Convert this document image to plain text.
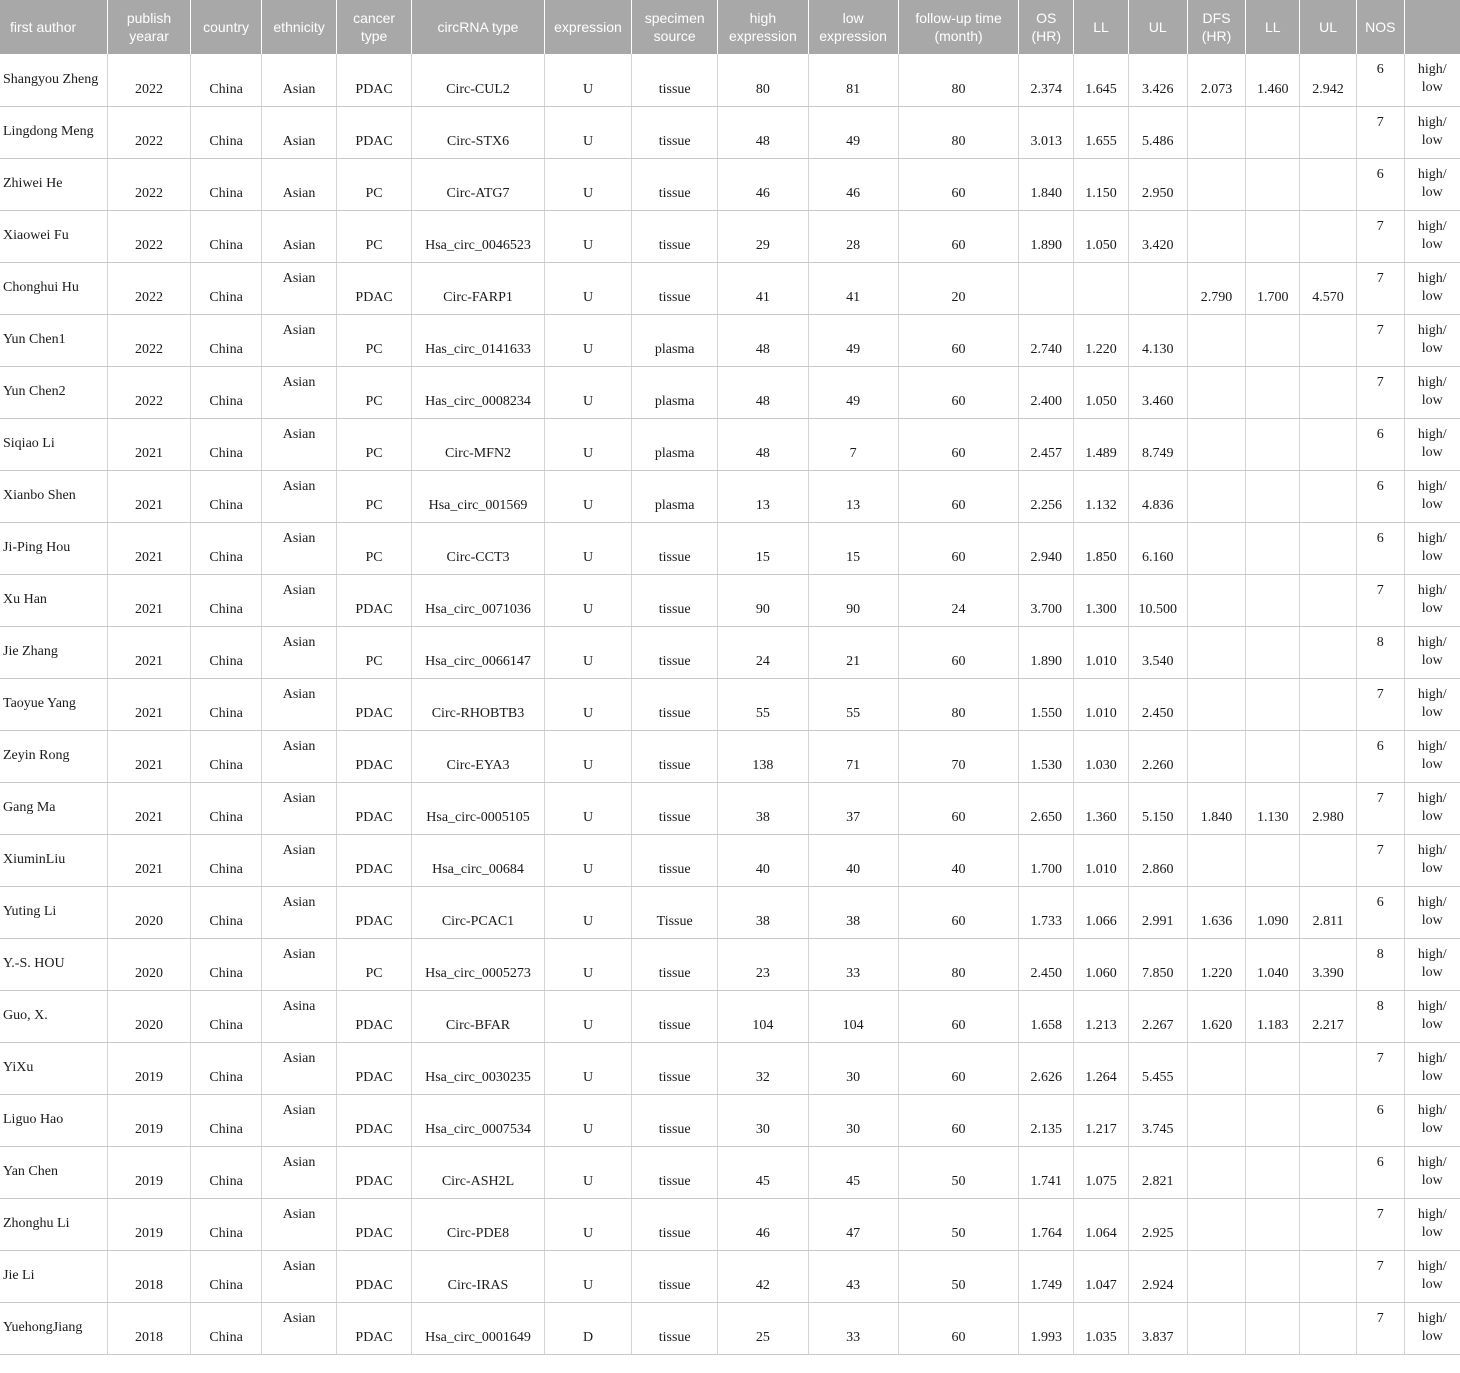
first author	publish yearar	country	ethnicity	cancer type	circRNA type	expression	specimen source	high expression	low expression	follow-up time (month)	OS (HR)	LL	UL	DFS (HR)	LL	UL	NOS	
Shangyou Zheng	2022	China	Asian	PDAC	Circ-CUL2	U	tissue	80	81	80	2.374	1.645	3.426	2.073	1.460	2.942	6	high/ low
Lingdong Meng	2022	China	Asian	PDAC	Circ-STX6	U	tissue	48	49	80	3.013	1.655	5.486				7	high/ low
Zhiwei He	2022	China	Asian	PC	Circ-ATG7	U	tissue	46	46	60	1.840	1.150	2.950				6	high/ low
Xiaowei Fu	2022	China	Asian	PC	Hsa_circ_0046523	U	tissue	29	28	60	1.890	1.050	3.420				7	high/ low
Chonghui Hu	2022	China	Asian	PDAC	Circ-FARP1	U	tissue	41	41	20				2.790	1.700	4.570	7	high/ low
Yun Chen1	2022	China	Asian	PC	Has_circ_0141633	U	plasma	48	49	60	2.740	1.220	4.130				7	high/ low
Yun Chen2	2022	China	Asian	PC	Has_circ_0008234	U	plasma	48	49	60	2.400	1.050	3.460				7	high/ low
Siqiao Li	2021	China	Asian	PC	Circ-MFN2	U	plasma	48	7	60	2.457	1.489	8.749				6	high/ low
Xianbo Shen	2021	China	Asian	PC	Hsa_circ_001569	U	plasma	13	13	60	2.256	1.132	4.836				6	high/ low
Ji-Ping Hou	2021	China	Asian	PC	Circ-CCT3	U	tissue	15	15	60	2.940	1.850	6.160				6	high/ low
Xu Han	2021	China	Asian	PDAC	Hsa_circ_0071036	U	tissue	90	90	24	3.700	1.300	10.500				7	high/ low
Jie Zhang	2021	China	Asian	PC	Hsa_circ_0066147	U	tissue	24	21	60	1.890	1.010	3.540				8	high/ low
Taoyue Yang	2021	China	Asian	PDAC	Circ-RHOBTB3	U	tissue	55	55	80	1.550	1.010	2.450				7	high/ low
Zeyin Rong	2021	China	Asian	PDAC	Circ-EYA3	U	tissue	138	71	70	1.530	1.030	2.260				6	high/ low
Gang Ma	2021	China	Asian	PDAC	Hsa_circ-0005105	U	tissue	38	37	60	2.650	1.360	5.150	1.840	1.130	2.980	7	high/ low
XiuminLiu	2021	China	Asian	PDAC	Hsa_circ_00684	U	tissue	40	40	40	1.700	1.010	2.860				7	high/ low
Yuting Li	2020	China	Asian	PDAC	Circ-PCAC1	U	Tissue	38	38	60	1.733	1.066	2.991	1.636	1.090	2.811	6	high/ low
Y.-S. HOU	2020	China	Asian	PC	Hsa_circ_0005273	U	tissue	23	33	80	2.450	1.060	7.850	1.220	1.040	3.390	8	high/ low
Guo, X.	2020	China	Asina	PDAC	Circ-BFAR	U	tissue	104	104	60	1.658	1.213	2.267	1.620	1.183	2.217	8	high/ low
YiXu	2019	China	Asian	PDAC	Hsa_circ_0030235	U	tissue	32	30	60	2.626	1.264	5.455				7	high/ low
Liguo Hao	2019	China	Asian	PDAC	Hsa_circ_0007534	U	tissue	30	30	60	2.135	1.217	3.745				6	high/ low
Yan Chen	2019	China	Asian	PDAC	Circ-ASH2L	U	tissue	45	45	50	1.741	1.075	2.821				6	high/ low
Zhonghu Li	2019	China	Asian	PDAC	Circ-PDE8	U	tissue	46	47	50	1.764	1.064	2.925				7	high/ low
Jie Li	2018	China	Asian	PDAC	Circ-IRAS	U	tissue	42	43	50	1.749	1.047	2.924				7	high/ low
YuehongJiang	2018	China	Asian	PDAC	Hsa_circ_0001649	D	tissue	25	33	60	1.993	1.035	3.837				7	high/ low
